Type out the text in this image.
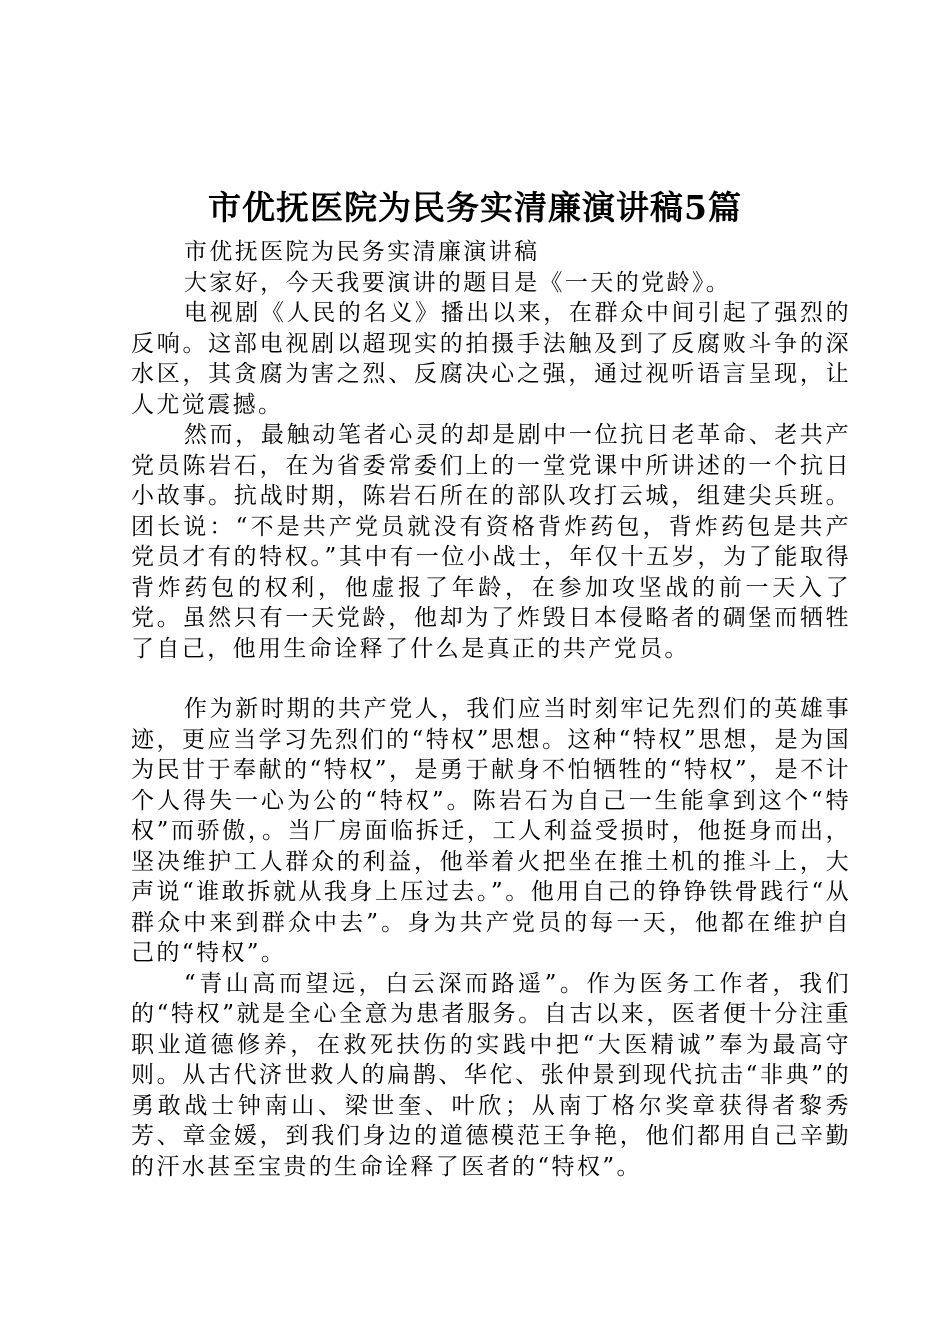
市优抚医院为民务实清廉演讲稿5篇

市优抚医院为民务实清廉演讲稿

大家好，今天我要演讲的题目是《一天的党龄》。

电视剧《人民的名义》播出以来，在群众中间引起了强烈的反响。这部电视剧以超现实的拍摄手法触及到了反腐败斗争的深水区，其贪腐为害之烈、反腐决心之强，通过视听语言呈现，让人尤觉震撼。

然而，最触动笔者心灵的却是剧中一位抗日老革命、老共产党员陈岩石，在为省委常委们上的一堂党课中所讲述的一个抗日小故事。抗战时期，陈岩石所在的部队攻打云城，组建尖兵班。团长说：“不是共产党员就没有资格背炸药包，背炸药包是共产党员才有的特权。”其中有一位小战士，年仅十五岁，为了能取得背炸药包的权利，他虚报了年龄，在参加攻坚战的前一天入了党。虽然只有一天党龄，他却为了炸毁日本侵略者的碉堡而牺牲了自己，他用生命诠释了什么是真正的共产党员。

作为新时期的共产党人，我们应当时刻牢记先烈们的英雄事迹，更应当学习先烈们的“特权”思想。这种“特权”思想，是为国为民甘于奉献的“特权”，是勇于献身不怕牺牲的“特权”，是不计个人得失一心为公的“特权”。陈岩石为自己一生能拿到这个“特权”而骄傲，。当厂房面临拆迁，工人利益受损时，他挺身而出，坚决维护工人群众的利益，他举着火把坐在推土机的推斗上，大声说“谁敢拆就从我身上压过去。”。他用自己的铮铮铁骨践行“从群众中来到群众中去”。身为共产党员的每一天，他都在维护自己的“特权”。

“青山高而望远，白云深而路遥”。作为医务工作者，我们的“特权”就是全心全意为患者服务。自古以来，医者便十分注重职业道德修养，在救死扶伤的实践中把“大医精诚”奉为最高守则。从古代济世救人的扁鹊、华佗、张仲景到现代抗击“非典”的勇敢战士钟南山、梁世奎、叶欣；从南丁格尔奖章获得者黎秀芳、章金媛，到我们身边的道德模范王争艳，他们都用自己辛勤的汗水甚至宝贵的生命诠释了医者的“特权”。
